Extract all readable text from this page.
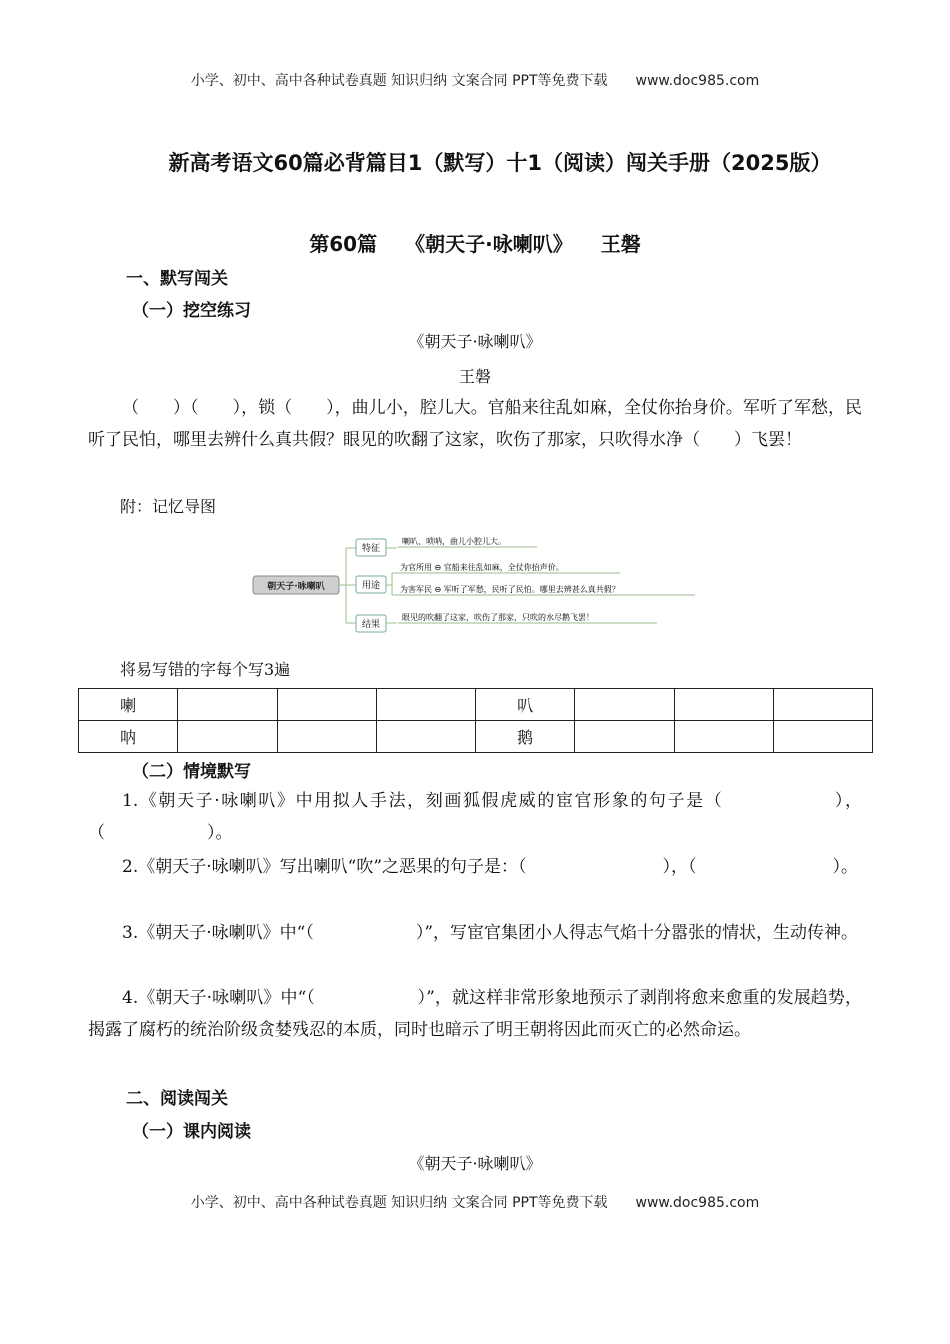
小学、初中、高中各种试卷真题 知识归纳 文案合同 PPT等免费下载 www.doc985.com
新高考语文60篇必背篇目1（默写）十1（阅读）闯关手册（2025版）
第60篇 《朝天子·咏喇叭》 王磐
一、默写闯关
（一）挖空练习
《朝天子·咏喇叭》
王磐
（　　）（　　），锁（　　），曲儿小，腔儿大。官船来往乱如麻，全仗你抬身价。军听了军愁，民听了民怕，哪里去辨什么真共假？眼见的吹翻了这家，吹伤了那家，只吹得水净（　　）飞罢！
附：记忆导图
朝天子·咏喇叭
特征
喇叭、唢呐，曲儿小腔儿大。
用途
为官所用 ⊖ 官船来往乱如麻，全仗你抬声价。
为害军民 ⊖ 军听了军愁，民听了民怕。哪里去辨甚么真共假？
结果
眼见的吹翻了这家，吹伤了那家，只吹的水尽鹅飞罢！
将易写错的字每个写3遍
喇				叭			
呐				鹅			
（二）情境默写
1.《朝天子·咏喇叭》中用拟人手法，刻画狐假虎威的宦官形象的句子是（　　　　　　），（　　　　　　）。
2.《朝天子·咏喇叭》写出喇叭“吹”之恶果的句子是：（　　　　　　　　），（　　　　　　　　）。
3.《朝天子·咏喇叭》中“（　　　　　　）”，写宦官集团小人得志气焰十分嚣张的情状，生动传神。
4.《朝天子·咏喇叭》中“（　　　　　　）”，就这样非常形象地预示了剥削将愈来愈重的发展趋势，揭露了腐朽的统治阶级贪婪残忍的本质，同时也暗示了明王朝将因此而灭亡的必然命运。
二、阅读闯关
（一）课内阅读
《朝天子·咏喇叭》
小学、初中、高中各种试卷真题 知识归纳 文案合同 PPT等免费下载 www.doc985.com
